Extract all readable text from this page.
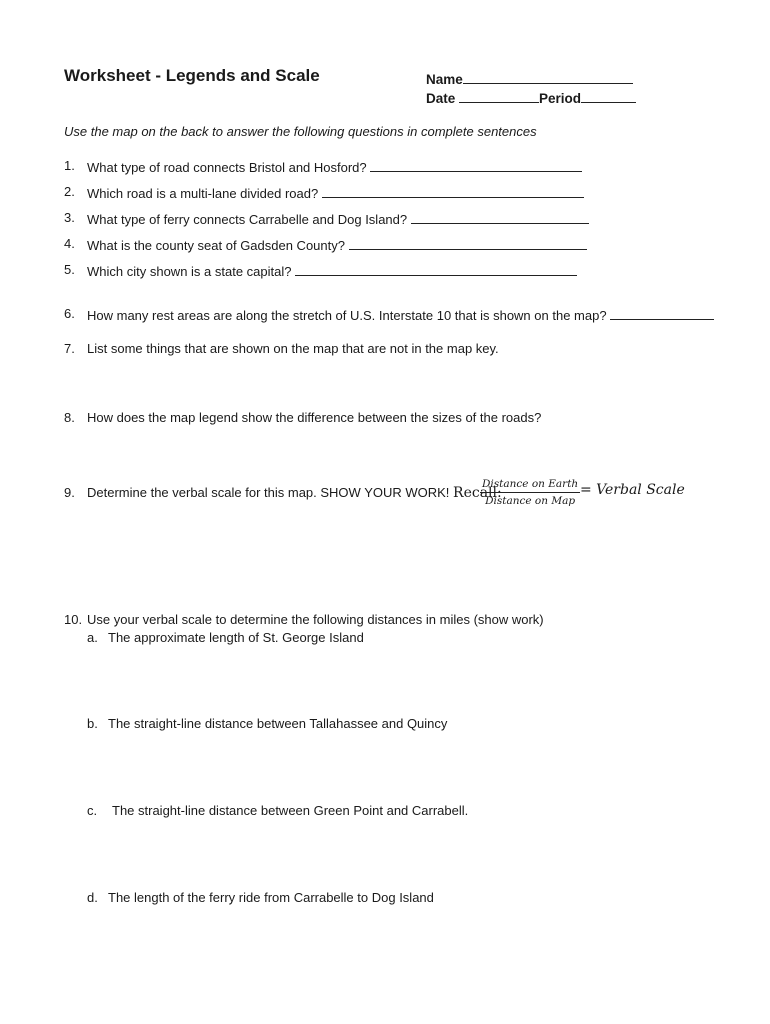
Worksheet - Legends and Scale	Name
Date	Period
Use the map on the back to answer the following questions in complete sentences
1. What type of road connects Bristol and Hosford?
2. Which road is a multi-lane divided road?
3. What type of ferry connects Carrabelle and Dog Island?
4. What is the county seat of Gadsden County?
5. Which city shown is a state capital?
6. How many rest areas are along the stretch of U.S. Interstate 10 that is shown on the map?
7. List some things that are shown on the map that are not in the map key.
8. How does the map legend show the difference between the sizes of the roads?
9. Determine the verbal scale for this map. SHOW YOUR WORK! Recall:
Distance on Earth
Distance on Map
= Verbal Scale
10. Use your verbal scale to determine the following distances in miles (show work)
a. The approximate length of St. George Island
b. The straight-line distance between Tallahassee and Quincy
c. The straight-line distance between Green Point and Carrabell.
d. The length of the ferry ride from Carrabelle to Dog Island
